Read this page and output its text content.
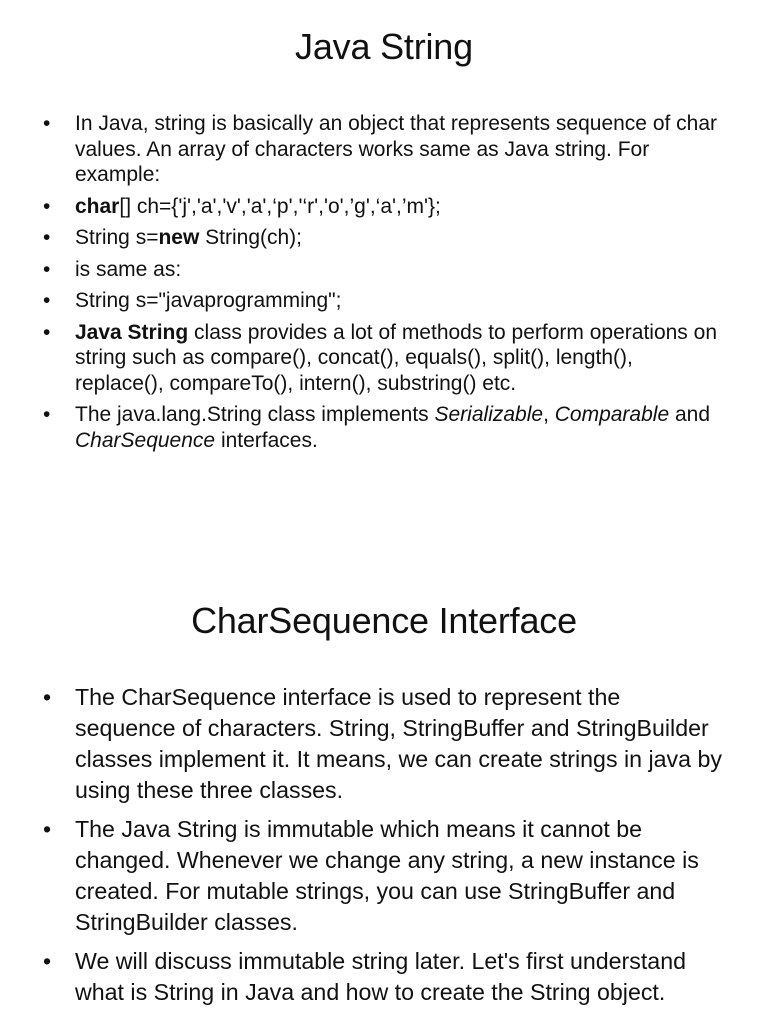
Java String
•	In Java, string is basically an object that represents sequence of char values. An array of characters works same as Java string. For example:
•	char[] ch={'j','a','v','a',‘p','‘r','o',’g',‘a',’m'};
•	String s=new String(ch);
•	is same as:
•	String s="javaprogramming";
•	Java String class provides a lot of methods to perform operations on string such as compare(), concat(), equals(), split(), length(), replace(), compareTo(), intern(), substring() etc.
•	The java.lang.String class implements Serializable, Comparable and CharSequence interfaces.
CharSequence Interface
•	The CharSequence interface is used to represent the sequence of characters. String, StringBuffer and StringBuilder classes implement it. It means, we can create strings in java by using these three classes.
•	The Java String is immutable which means it cannot be changed. Whenever we change any string, a new instance is created. For mutable strings, you can use StringBuffer and StringBuilder classes.
•	We will discuss immutable string later. Let's first understand what is String in Java and how to create the String object.
